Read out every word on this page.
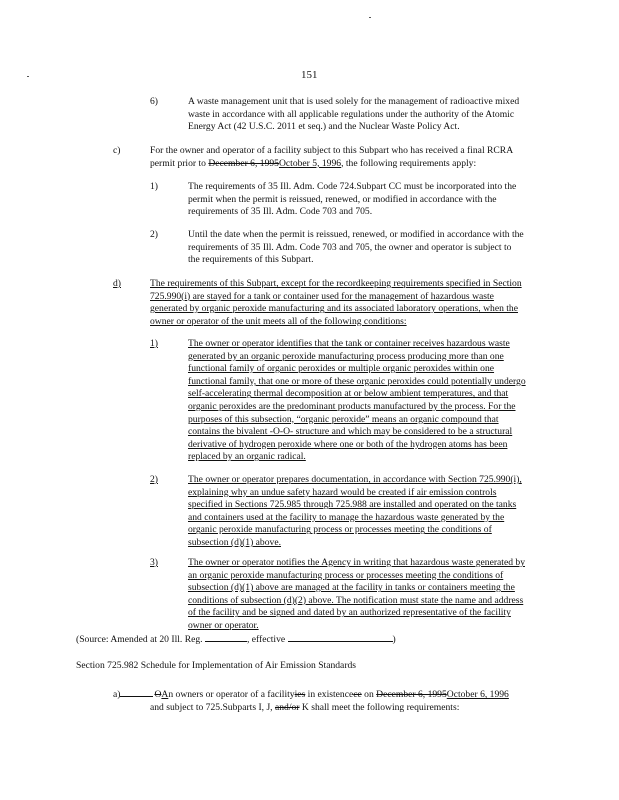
151
6)	A waste management unit that is used solely for the management of radioactive mixed
waste in accordance with all applicable regulations under the authority of the Atomic
Energy Act (42 U.S.C. 2011 et seq.) and the Nuclear Waste Policy Act.
c)	For the owner and operator of a facility subject to this Subpart who has received a final RCRA
permit prior to December 6, 1995October 5, 1996, the following requirements apply:
1)	The requirements of 35 Ill. Adm. Code 724.Subpart CC must be incorporated into the
permit when the permit is reissued, renewed, or modified in accordance with the
requirements of 35 Ill. Adm. Code 703 and 705.
2)	Until the date when the permit is reissued, renewed, or modified in accordance with the
requirements of 35 Ill. Adm. Code 703 and 705, the owner and operator is subject to
the requirements of this Subpart.
d)	The requirements of this Subpart, except for the recordkeeping requirements specified in Section
725.990(i) are stayed for a tank or container used for the management of hazardous waste
generated by organic peroxide manufacturing and its associated laboratory operations, when the
owner or operator of the unit meets all of the following conditions:
1)	The owner or operator identifies that the tank or container receives hazardous waste
generated by an organic peroxide manufacturing process producing more than one
functional family of organic peroxides or multiple organic peroxides within one
functional family, that one or more of these organic peroxides could potentially undergo
self-accelerating thermal decomposition at or below ambient temperatures, and that
organic peroxides are the predominant products manufactured by the process. For the
purposes of this subsection, “organic peroxide” means an organic compound that
contains the bivalent -O-O- structure and which may be considered to be a structural
derivative of hydrogen peroxide where one or both of the hydrogen atoms has been
replaced by an organic radical.
2)	The owner or operator prepares documentation, in accordance with Section 725.990(i),
explaining why an undue safety hazard would be created if air emission controls
specified in Sections 725.985 through 725.988 are installed and operated on the tanks
and containers used at the facility to manage the hazardous waste generated by the
organic peroxide manufacturing process or processes meeting the conditions of
subsection (d)(1) above.
3)	The owner or operator notifies the Agency in writing that hazardous waste generated by
an organic peroxide manufacturing process or processes meeting the conditions of
subsection (d)(1) above are managed at the facility in tanks or containers meeting the
conditions of subsection (d)(2) above. The notification must state the name and address
of the facility and be signed and dated by an authorized representative of the facility
owner or operator.
(Source: Amended at 20 Ill. Reg.	, effective	)
Section 725.982 Schedule for Implementation of Air Emission Standards
a)	OAn owners or operator of a facilityies in existencece on December 6, 1995October 6, 1996
and subject to 725.Subparts I, J, and/or K shall meet the following requirements:
